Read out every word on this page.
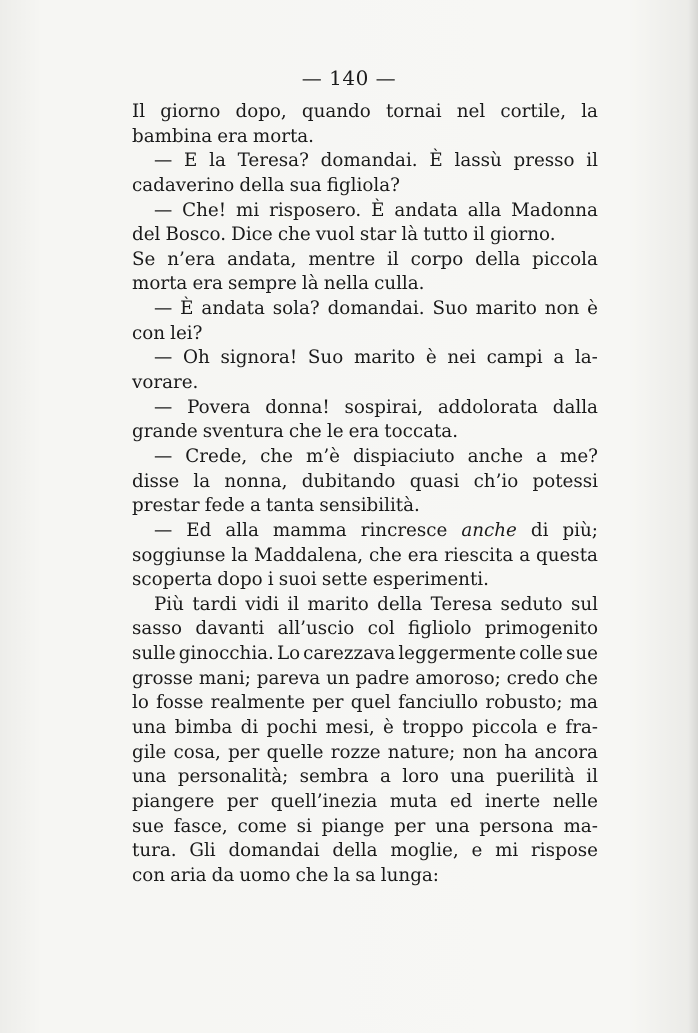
— 140 —
Il giorno dopo, quando tornai nel cortile, la
bambina era morta.
— E la Teresa? domandai. È lassù presso il
cadaverino della sua figliola?
— Che! mi risposero. È andata alla Madonna
del Bosco. Dice che vuol star là tutto il giorno.
Se n’era andata, mentre il corpo della piccola
morta era sempre là nella culla.
— È andata sola? domandai. Suo marito non è
con lei?
— Oh signora! Suo marito è nei campi a la-
vorare.
— Povera donna! sospirai, addolorata dalla
grande sventura che le era toccata.
— Crede, che m’è dispiaciuto anche a me?
disse la nonna, dubitando quasi ch’io potessi
prestar fede a tanta sensibilità.
— Ed alla mamma rincresce anche di più;
soggiunse la Maddalena, che era riescita a questa
scoperta dopo i suoi sette esperimenti.
Più tardi vidi il marito della Teresa seduto sul
sasso davanti all’uscio col figliolo primogenito
sulle ginocchia. Lo carezzava leggermente colle sue
grosse mani; pareva un padre amoroso; credo che
lo fosse realmente per quel fanciullo robusto; ma
una bimba di pochi mesi, è troppo piccola e fra-
gile cosa, per quelle rozze nature; non ha ancora
una personalità; sembra a loro una puerilità il
piangere per quell’inezia muta ed inerte nelle
sue fasce, come si piange per una persona ma-
tura. Gli domandai della moglie, e mi rispose
con aria da uomo che la sa lunga:
